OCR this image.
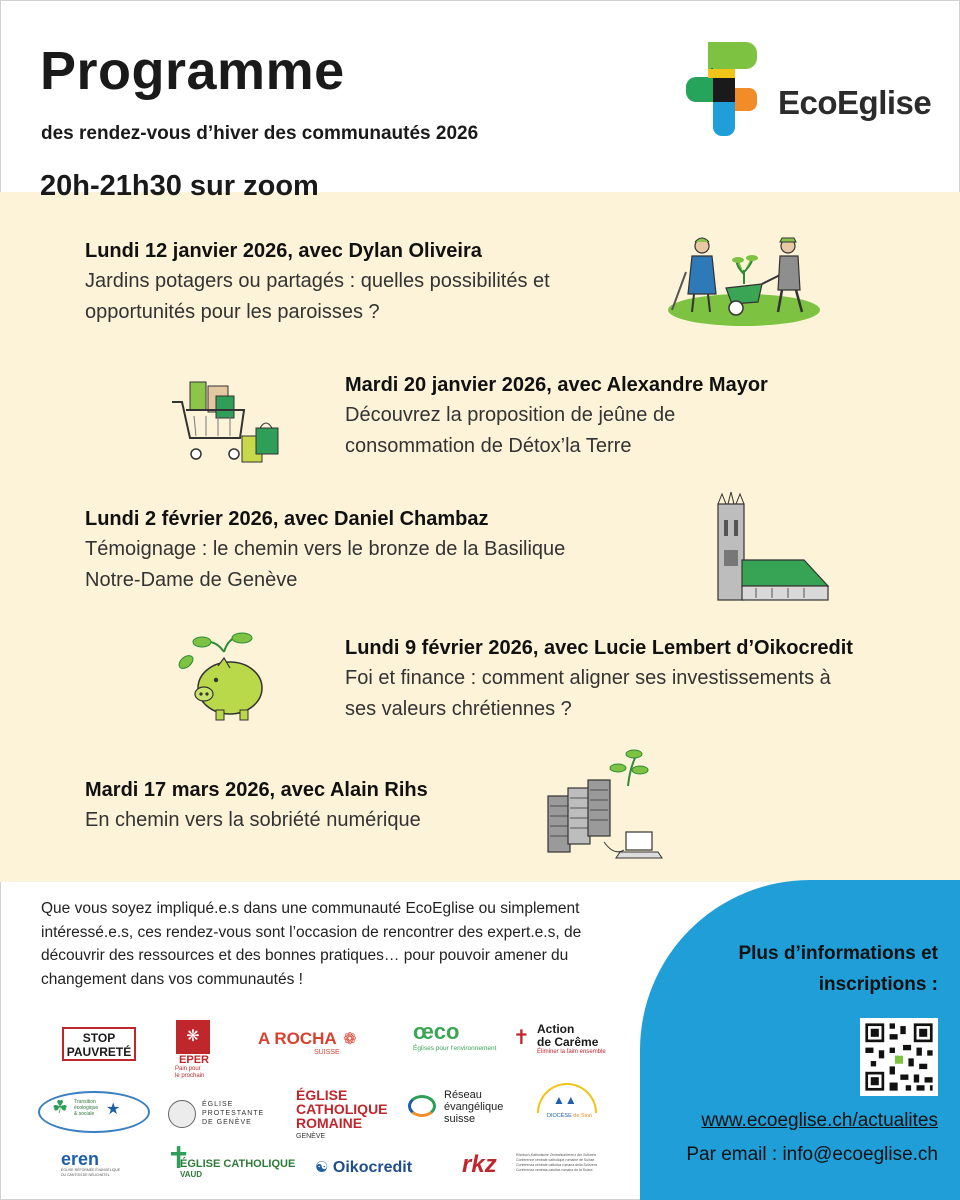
Programme
des rendez-vous d’hiver des communautés 2026
EcoEglise
20h-21h30 sur zoom
Lundi 12 janvier 2026, avec Dylan Oliveira
Jardins potagers ou partagés : quelles possibilités et
opportunités pour les paroisses ?
Mardi 20 janvier 2026, avec Alexandre Mayor
Découvrez la proposition de jeûne de
consommation de Détox’la Terre
Lundi 2 février 2026, avec Daniel Chambaz
Témoignage : le chemin vers le bronze de la Basilique
Notre-Dame de Genève
Lundi 9 février 2026, avec Lucie Lembert d’Oikocredit
Foi et finance : comment aligner ses investissements à
ses valeurs chrétiennes ?
Mardi 17 mars 2026, avec Alain Rihs
En chemin vers la sobriété numérique
Que vous soyez impliqué.e.s dans une communauté EcoEglise ou simplement
intéressé.e.s, ces rendez-vous sont l’occasion de rencontrer des expert.e.s, de
découvrir des ressources et des bonnes pratiques… pour pouvoir amener du
changement dans vos communautés !
Plus d’informations et
inscriptions :
www.ecoeglise.ch/actualites
Par email : info@ecoeglise.ch
STOP
PAUVRETÉ
❋
EPER
Pain pour
le prochain
A ROCHA ❁
SUISSE
œco
Églises pour l’environnement ✝ Action
de Carême
Éliminer la faim ensemble
☘ Transition
écologique
& sociale ★	ÉGLISE
PROTESTANTE
DE GENÈVE
ÉGLISE
CATHOLIQUE
ROMAINE
GENÈVE
Réseau
évangélique
suisse
▲▲
DIOCÈSE de Sion
eren
ÉGLISE RÉFORMÉE ÉVANGÉLIQUE
DU CANTON DE NEUCHÂTEL	✝
ÉGLISE CATHOLIQUE
VAUD	☯ Oikocredit rkz	Römisch-Katholische Zentralkonferenz der Schweiz
Conférence centrale catholique romaine de Suisse
Conferenza centrale cattolica romana della Svizzera
Conferenza centrala catolica romana da la Svizra
